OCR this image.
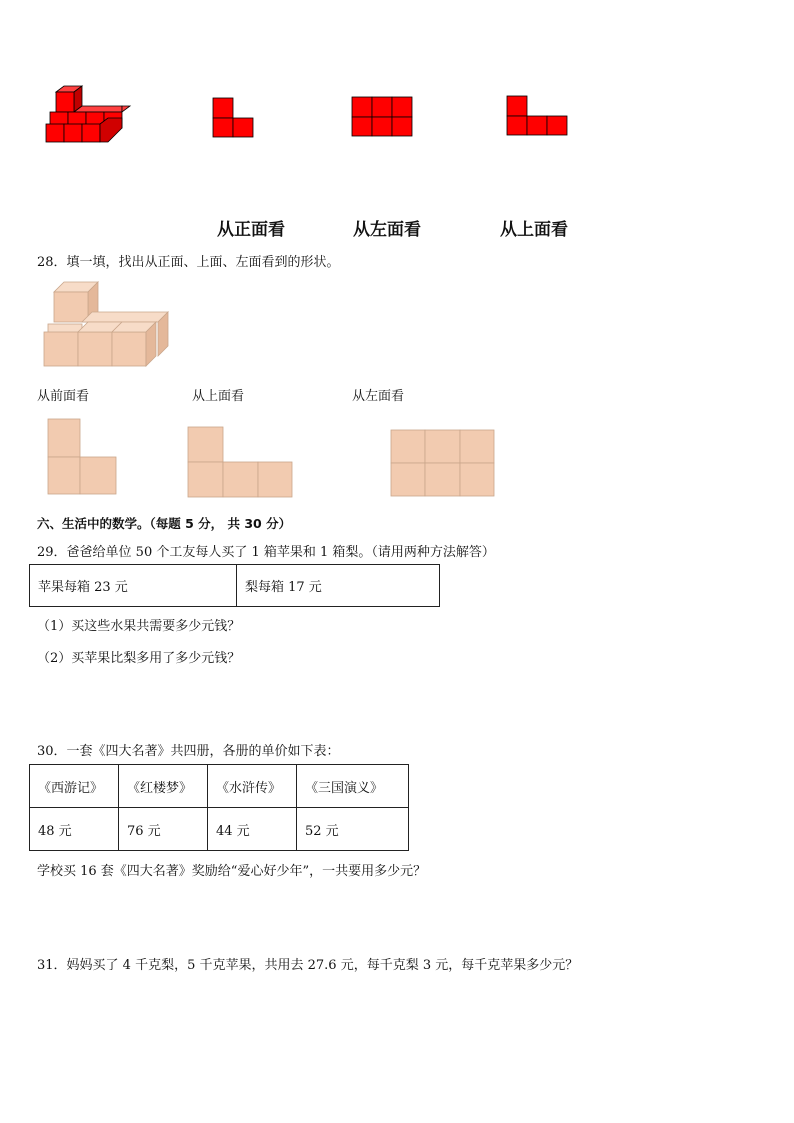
从正面看	从左面看	从上面看
28．填一填，找出从正面、上面、左面看到的形状。
从前面看	从上面看	从左面看
六、生活中的数学。（每题 5 分， 共 30 分）
29．爸爸给单位 50 个工友每人买了 1 箱苹果和 1 箱梨。（请用两种方法解答）
苹果每箱 23 元	梨每箱 17 元
（1）买这些水果共需要多少元钱？
（2）买苹果比梨多用了多少元钱？
30．一套《四大名著》共四册，各册的单价如下表：
《西游记》	《红楼梦》	《水浒传》	《三国演义》
48 元	76 元	44 元	52 元
学校买 16 套《四大名著》奖励给“爱心好少年”，一共要用多少元？
31．妈妈买了 4 千克梨，5 千克苹果，共用去 27.6 元，每千克梨 3 元，每千克苹果多少元？
